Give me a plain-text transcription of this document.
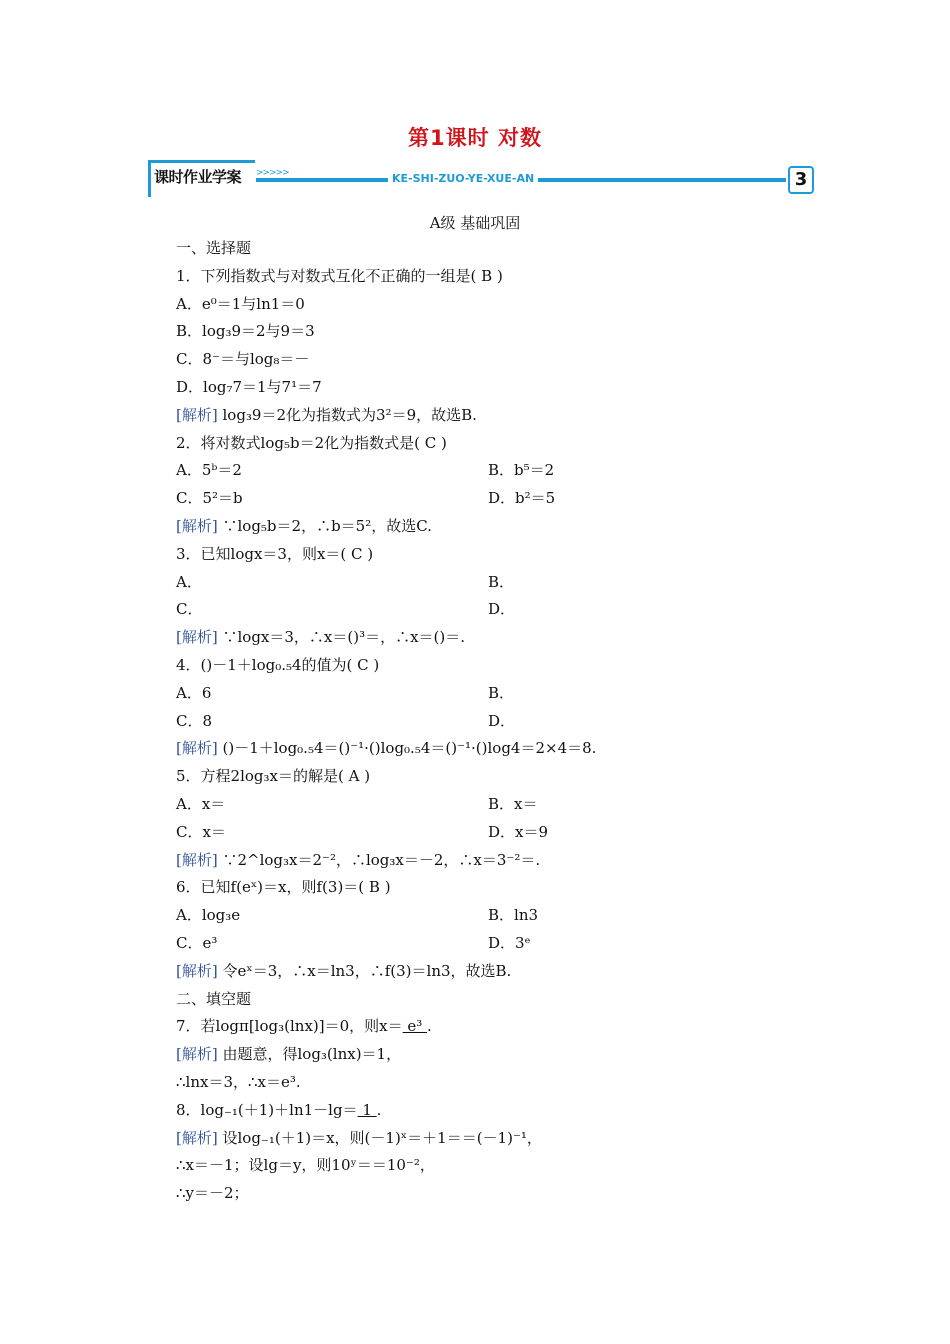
第1课时 对数
课时作业学案 >>>>>	KE-SHI-ZUO-YE-XUE-AN	3
A级 基础巩固
一、选择题
1．下列指数式与对数式互化不正确的一组是( B )
A．e⁰＝1与ln1＝0
B．log₃9＝2与9＝3
C．8⁻＝与log₈＝－
D．log₇7＝1与7¹＝7
[解析] log₃9＝2化为指数式为3²＝9，故选B.
2．将对数式log₅b＝2化为指数式是( C )
A．5ᵇ＝2	B．b⁵＝2
C．5²＝b	D．b²＝5
[解析] ∵log₅b＝2，∴b＝5²，故选C.
3．已知logx＝3，则x＝( C )
A．	B．
C．	D．
[解析] ∵logx＝3，∴x＝()³＝，∴x＝()＝.
4．()－1＋log₀.₅4的值为( C )
A．6	B．
C．8	D．
[解析] ()－1＋log₀.₅4＝()⁻¹·()log₀.₅4＝()⁻¹·()log4＝2×4＝8.
5．方程2log₃x＝的解是( A )
A．x＝	B．x＝
C．x＝	D．x＝9
[解析] ∵2^log₃x＝2⁻²，∴log₃x＝－2，∴x＝3⁻²＝.
6．已知f(eˣ)＝x，则f(3)＝( B )
A．log₃e	B．ln3
C．e³	D．3ᵉ
[解析] 令eˣ＝3，∴x＝ln3，∴f(3)＝ln3，故选B.
二、填空题
7．若logπ[log₃(lnx)]＝0，则x＝ e³ .
[解析] 由题意，得log₃(lnx)＝1，
∴lnx＝3，∴x＝e³.
8．log₋₁(＋1)＋ln1－lg＝ 1 .
[解析] 设log₋₁(＋1)＝x，则(－1)ˣ＝＋1＝＝(－1)⁻¹，
∴x＝－1；设lg＝y，则10ʸ＝＝10⁻²，
∴y＝－2；
